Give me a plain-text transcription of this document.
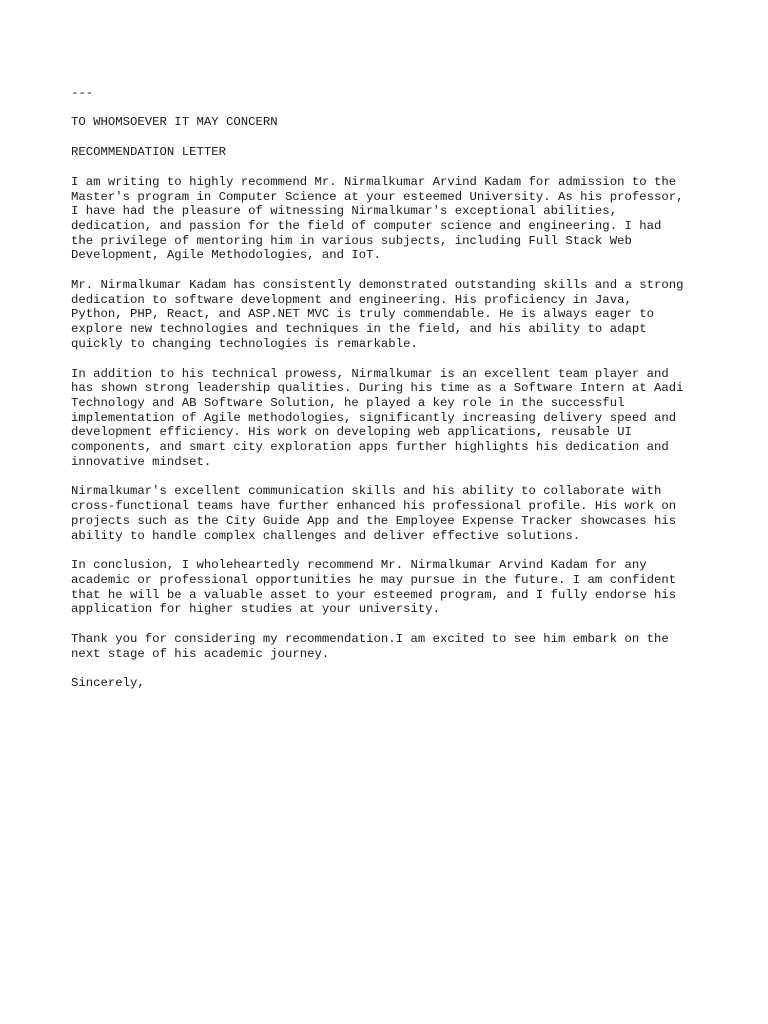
---

TO WHOMSOEVER IT MAY CONCERN

RECOMMENDATION LETTER

I am writing to highly recommend Mr. Nirmalkumar Arvind Kadam for admission to the
Master's program in Computer Science at your esteemed University. As his professor,
I have had the pleasure of witnessing Nirmalkumar's exceptional abilities,
dedication, and passion for the field of computer science and engineering. I had
the privilege of mentoring him in various subjects, including Full Stack Web
Development, Agile Methodologies, and IoT.
Mr. Nirmalkumar Kadam has consistently demonstrated outstanding skills and a strong
dedication to software development and engineering. His proficiency in Java,
Python, PHP, React, and ASP.NET MVC is truly commendable. He is always eager to
explore new technologies and techniques in the field, and his ability to adapt
quickly to changing technologies is remarkable.
In addition to his technical prowess, Nirmalkumar is an excellent team player and
has shown strong leadership qualities. During his time as a Software Intern at Aadi
Technology and AB Software Solution, he played a key role in the successful
implementation of Agile methodologies, significantly increasing delivery speed and
development efficiency. His work on developing web applications, reusable UI
components, and smart city exploration apps further highlights his dedication and
innovative mindset.
Nirmalkumar's excellent communication skills and his ability to collaborate with
cross-functional teams have further enhanced his professional profile. His work on
projects such as the City Guide App and the Employee Expense Tracker showcases his
ability to handle complex challenges and deliver effective solutions.
In conclusion, I wholeheartedly recommend Mr. Nirmalkumar Arvind Kadam for any
academic or professional opportunities he may pursue in the future. I am confident
that he will be a valuable asset to your esteemed program, and I fully endorse his
application for higher studies at your university.
Thank you for considering my recommendation.I am excited to see him embark on the
next stage of his academic journey.

Sincerely,
